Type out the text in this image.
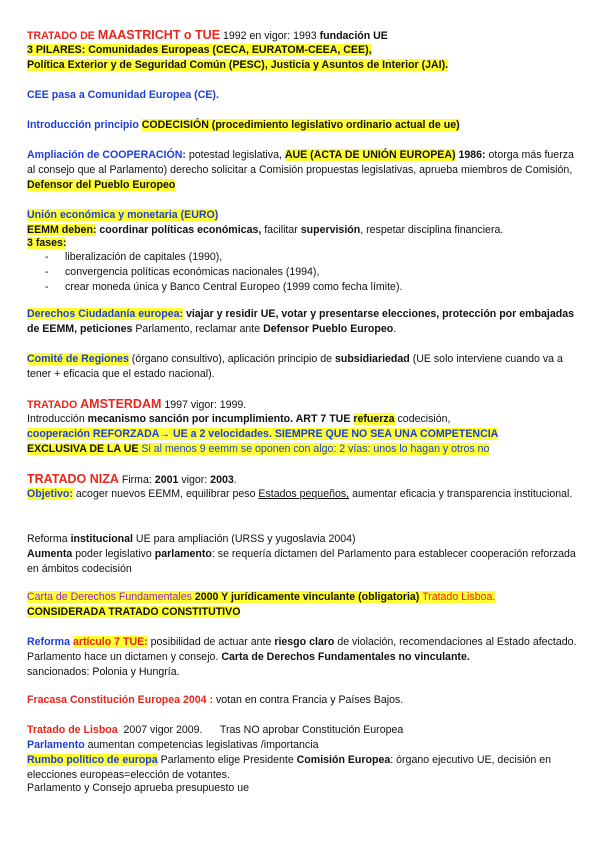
TRATADO DE MAASTRICHT o TUE 1992 en vigor: 1993 fundación UE

3 PILARES: Comunidades Europeas (CECA, EURATOM-CEEA, CEE),

Política Exterior y de Seguridad Común (PESC), Justicia y Asuntos de Interior (JAI).

CEE pasa a Comunidad Europea (CE).

Introducción principio CODECISIÓN (procedimiento legislativo ordinario actual de ue)

Ampliación de COOPERACIÓN: potestad legislativa, AUE (ACTA DE UNIÓN EUROPEA) 1986: otorga más fuerza al consejo que al Parlamento) derecho solicitar a Comisión propuestas legislativas, aprueba miembros de Comisión, Defensor del Pueblo Europeo

Unión económica y monetaria (EURO)

EEMM deben: coordinar políticas económicas, facilitar supervisión, respetar disciplina financiera.

3 fases:

- liberalización de capitales (1990),
- convergencia políticas económicas nacionales (1994),
- crear moneda única y Banco Central Europeo (1999 como fecha límite).

Derechos Ciudadanía europea: viajar y residir UE, votar y presentarse elecciones, protección por embajadas de EEMM, peticiones Parlamento, reclamar ante Defensor Pueblo Europeo.

Comité de Regiones (órgano consultivo), aplicación principio de subsidiariedad (UE solo interviene cuando va a tener + eficacia que el estado nacional).

TRATADO AMSTERDAM 1997 vigor: 1999.

Introducción mecanismo sanción por incumplimiento. ART 7 TUE refuerza codecisión,

cooperación REFORZADA→ UE a 2 velocidades. SIEMPRE QUE NO SEA UNA COMPETENCIA

EXCLUSIVA DE LA UE Si al menos 9 eemm se oponen con algo: 2 vías: unos lo hagan y otros no

TRATADO NIZA Firma: 2001 vigor: 2003.

Objetivo: acoger nuevos EEMM, equilibrar peso Estados pequeños, aumentar eficacia y transparencia institucional.

Reforma institucional UE para ampliación (URSS y yugoslavia 2004)

Aumenta poder legislativo parlamento: se requería dictamen del Parlamento para establecer cooperación reforzada en ámbitos codecisión

Carta de Derechos Fundamentales 2000 Y jurídicamente vinculante (obligatoria) Tratado Lisboa.

CONSIDERADA TRATADO CONSTITUTIVO

Reforma artículo 7 TUE: posibilidad de actuar ante riesgo claro de violación, recomendaciones al Estado afectado. Parlamento hace un dictamen y consejo. Carta de Derechos Fundamentales no vinculante.

sancionados: Polonia y Hungría.

Fracasa Constitución Europea 2004 : votan en contra Francia y Países Bajos.

Tratado de Lisboa  2007 vigor 2009.      Tras NO aprobar Constitución Europea

Parlamento aumentan competencias legislativas /importancia

Rumbo político de europa Parlamento elige Presidente Comisión Europea: órgano ejecutivo UE, decisión en elecciones europeas=elección de votantes.

Parlamento y Consejo aprueba presupuesto ue
